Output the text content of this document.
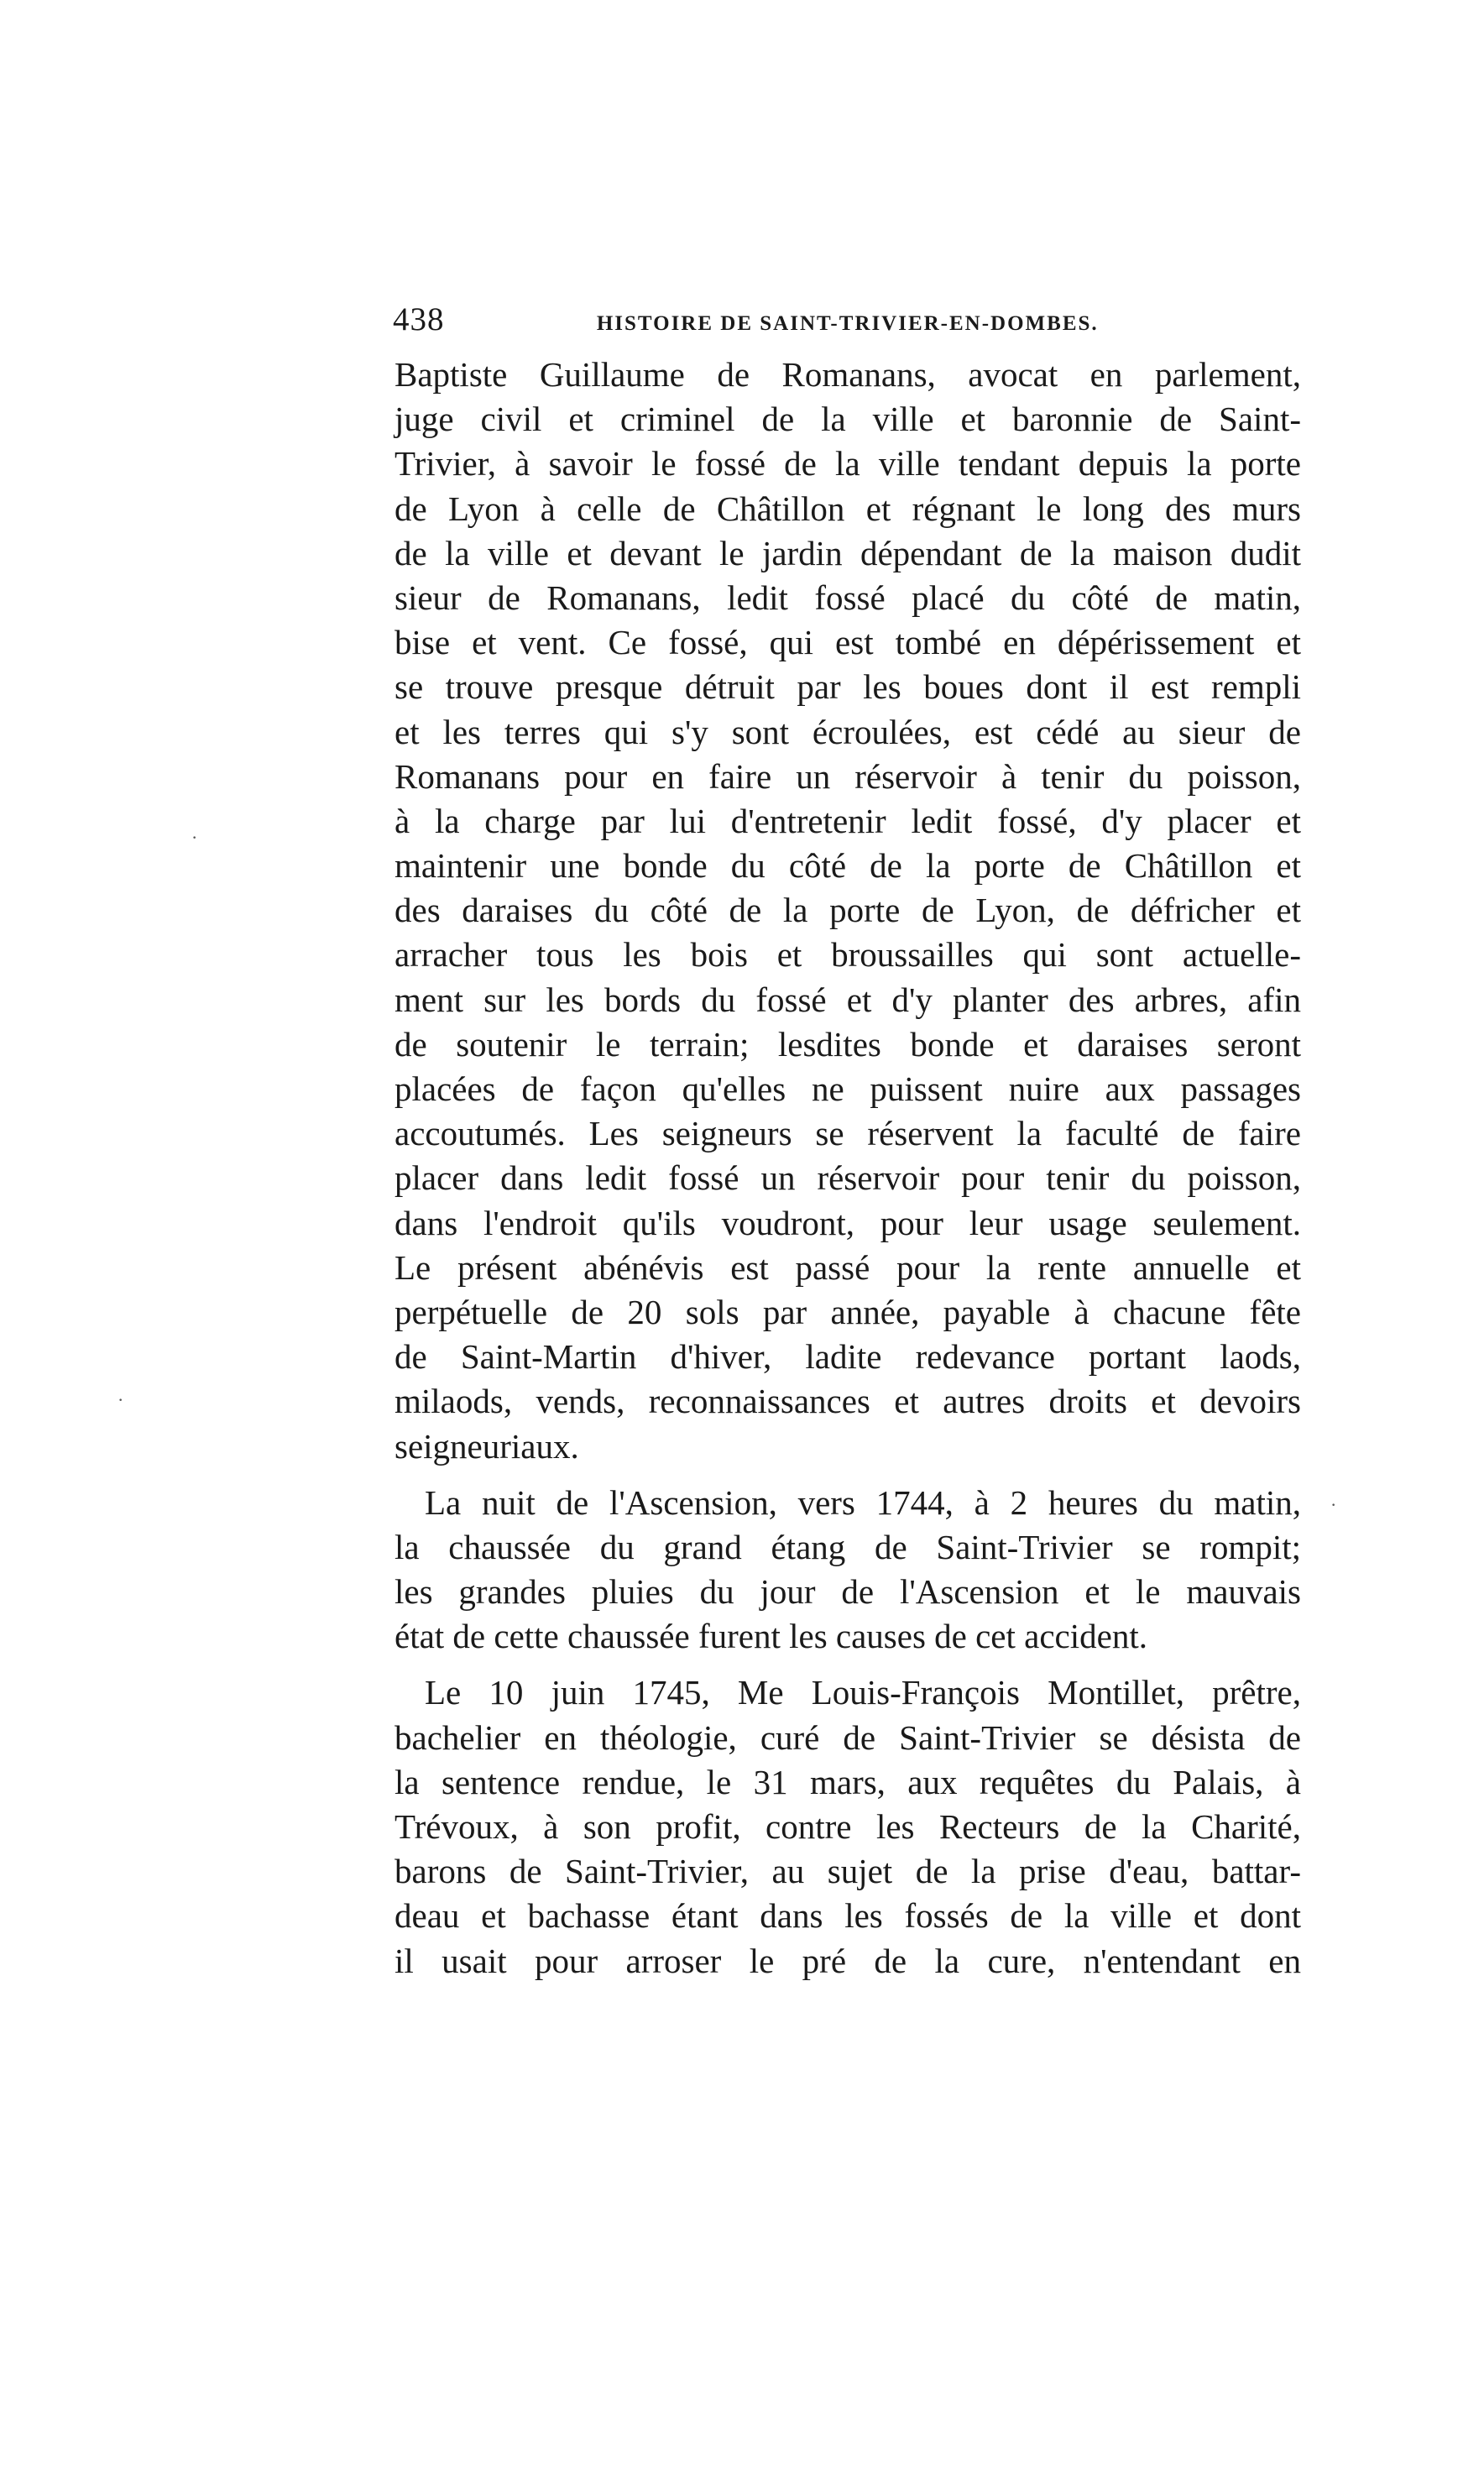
438	HISTOIRE DE SAINT-TRIVIER-EN-DOMBES.
Baptiste Guillaume de Romanans, avocat en parlement,
juge civil et criminel de la ville et baronnie de Saint-
Trivier, à savoir le fossé de la ville tendant depuis la porte
de Lyon à celle de Châtillon et régnant le long des murs
de la ville et devant le jardin dépendant de la maison dudit
sieur de Romanans, ledit fossé placé du côté de matin,
bise et vent. Ce fossé, qui est tombé en dépérissement et
se trouve presque détruit par les boues dont il est rempli
et les terres qui s'y sont écroulées, est cédé au sieur de
Romanans pour en faire un réservoir à tenir du poisson,
à la charge par lui d'entretenir ledit fossé, d'y placer et
maintenir une bonde du côté de la porte de Châtillon et
des daraises du côté de la porte de Lyon, de défricher et
arracher tous les bois et broussailles qui sont actuelle-
ment sur les bords du fossé et d'y planter des arbres, afin
de soutenir le terrain; lesdites bonde et daraises seront
placées de façon qu'elles ne puissent nuire aux passages
accoutumés. Les seigneurs se réservent la faculté de faire
placer dans ledit fossé un réservoir pour tenir du poisson,
dans l'endroit qu'ils voudront, pour leur usage seulement.
Le présent abénévis est passé pour la rente annuelle et
perpétuelle de 20 sols par année, payable à chacune fête
de Saint-Martin d'hiver, ladite redevance portant laods,
milaods, vends, reconnaissances et autres droits et devoirs
seigneuriaux.
La nuit de l'Ascension, vers 1744, à 2 heures du matin,
la chaussée du grand étang de Saint-Trivier se rompit;
les grandes pluies du jour de l'Ascension et le mauvais
état de cette chaussée furent les causes de cet accident.
Le 10 juin 1745, Me Louis-François Montillet, prêtre,
bachelier en théologie, curé de Saint-Trivier se désista de
la sentence rendue, le 31 mars, aux requêtes du Palais, à
Trévoux, à son profit, contre les Recteurs de la Charité,
barons de Saint-Trivier, au sujet de la prise d'eau, battar-
deau et bachasse étant dans les fossés de la ville et dont
il usait pour arroser le pré de la cure, n'entendant en
·
·
·
